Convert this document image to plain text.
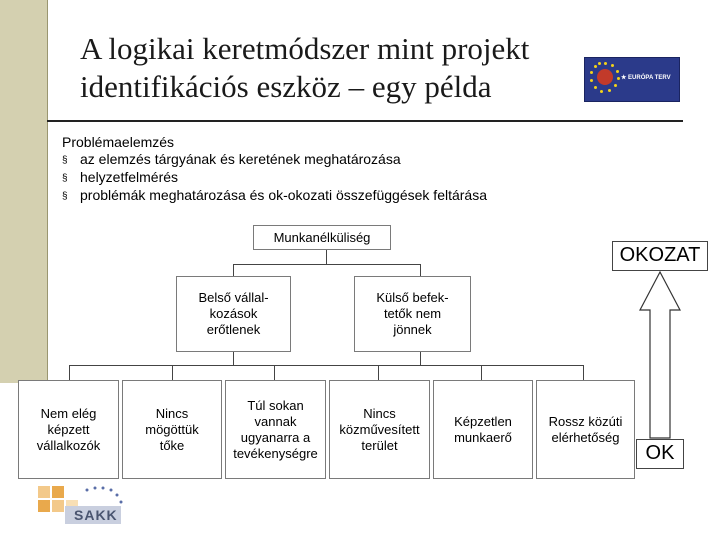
A logikai keretmódszer mint projekt
identifikációs eszköz – egy példa	★ EURÓPA TERV
Problémaelemzés
§ az elemzés tárgyának és keretének meghatározása
§ helyzetfelmérés
§ problémák meghatározása és ok-okozati összefüggések feltárása
Munkanélküliség
Belső vállal-
kozások
erőtlenek
Külső befek-
tetők nem
jönnek
Nem elég
képzett
vállalkozók
Nincs
mögöttük
tőke
Túl sokan
vannak
ugyanarra a
tevékenységre
Nincs
közművesített
terület
Képzetlen
munkaerő
Rossz közúti
elérhetőség
OKOZAT
OK
SAKK
